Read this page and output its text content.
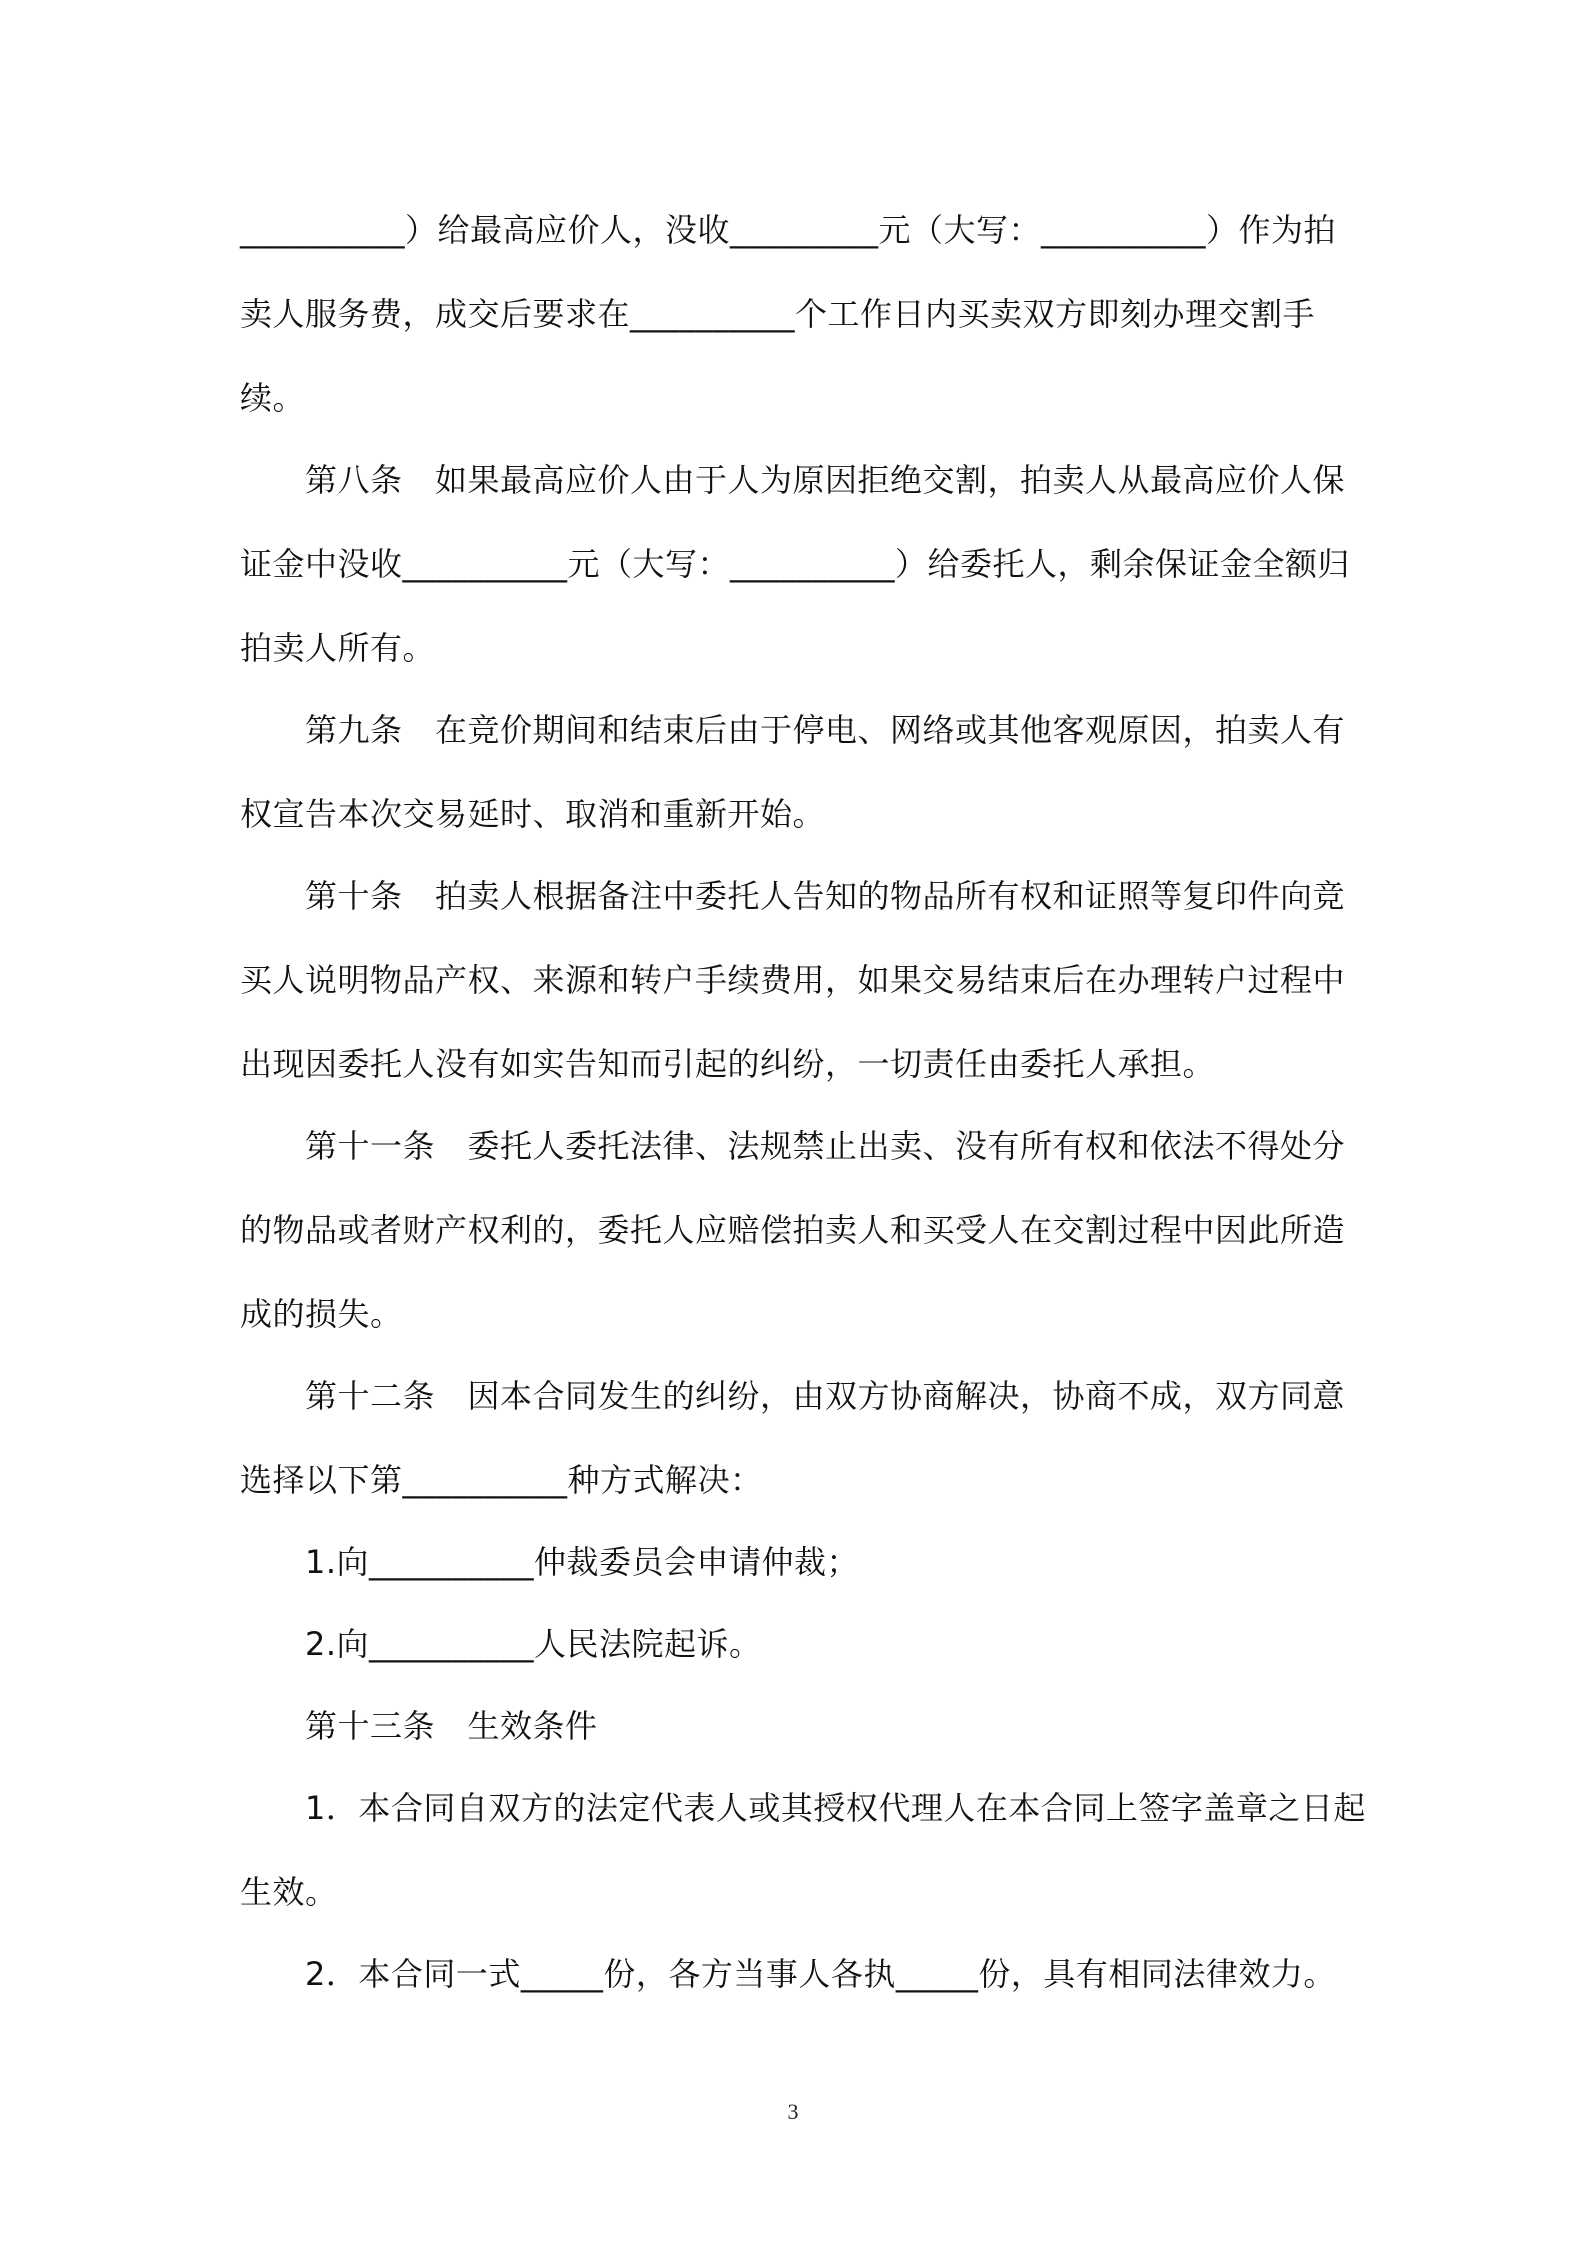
__________）给最高应价人，没收_________元（大写：__________）作为拍
卖人服务费，成交后要求在__________个工作日内买卖双方即刻办理交割手
续。
第八条　如果最高应价人由于人为原因拒绝交割，拍卖人从最高应价人保
证金中没收__________元（大写：__________）给委托人，剩余保证金全额归
拍卖人所有。
第九条　在竞价期间和结束后由于停电、网络或其他客观原因，拍卖人有
权宣告本次交易延时、取消和重新开始。
第十条　拍卖人根据备注中委托人告知的物品所有权和证照等复印件向竞
买人说明物品产权、来源和转户手续费用，如果交易结束后在办理转户过程中
出现因委托人没有如实告知而引起的纠纷，一切责任由委托人承担。
第十一条　委托人委托法律、法规禁止出卖、没有所有权和依法不得处分
的物品或者财产权利的，委托人应赔偿拍卖人和买受人在交割过程中因此所造
成的损失。
第十二条　因本合同发生的纠纷，由双方协商解决，协商不成，双方同意
选择以下第__________种方式解决：
1.向__________仲裁委员会申请仲裁；
2.向__________人民法院起诉。
第十三条　生效条件
1．本合同自双方的法定代表人或其授权代理人在本合同上签字盖章之日起
生效。
2．本合同一式_____份，各方当事人各执_____份，具有相同法律效力。
3
